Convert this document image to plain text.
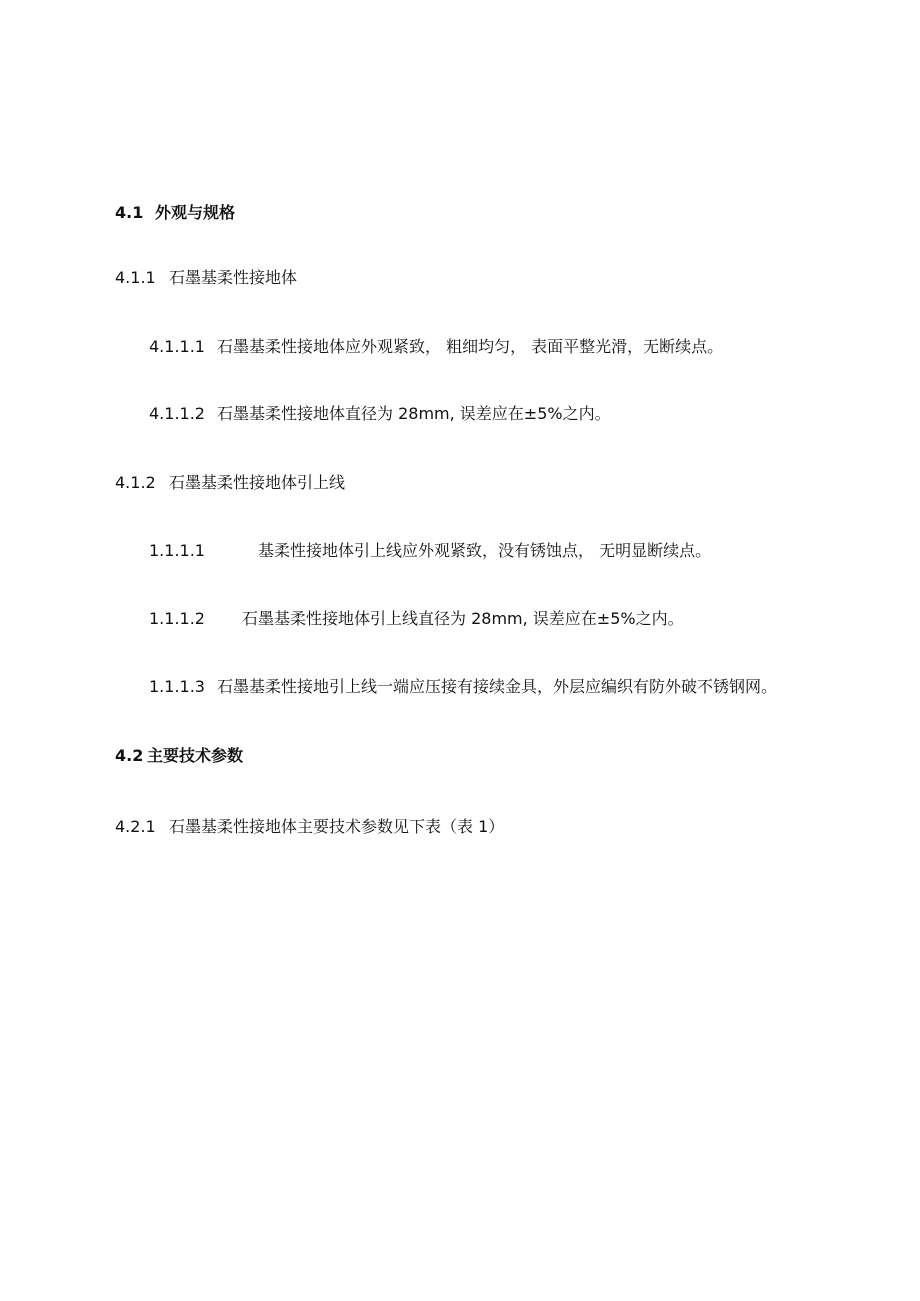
4.1 外观与规格
4.1.1 石墨基柔性接地体
4.1.1.1 石墨基柔性接地体应外观紧致， 粗细均匀， 表面平整光滑，无断续点。
4.1.1.2 石墨基柔性接地体直径为 28mm, 误差应在±5%之内。
4.1.2 石墨基柔性接地体引上线
1.1.1.1	基柔性接地体引上线应外观紧致，没有锈蚀点， 无明显断续点。
1.1.1.2 石墨基柔性接地体引上线直径为 28mm, 误差应在±5%之内。
1.1.1.3 石墨基柔性接地引上线一端应压接有接续金具，外层应编织有防外破不锈钢网。
4.2 主要技术参数
4.2.1 石墨基柔性接地体主要技术参数见下表（表 1）
